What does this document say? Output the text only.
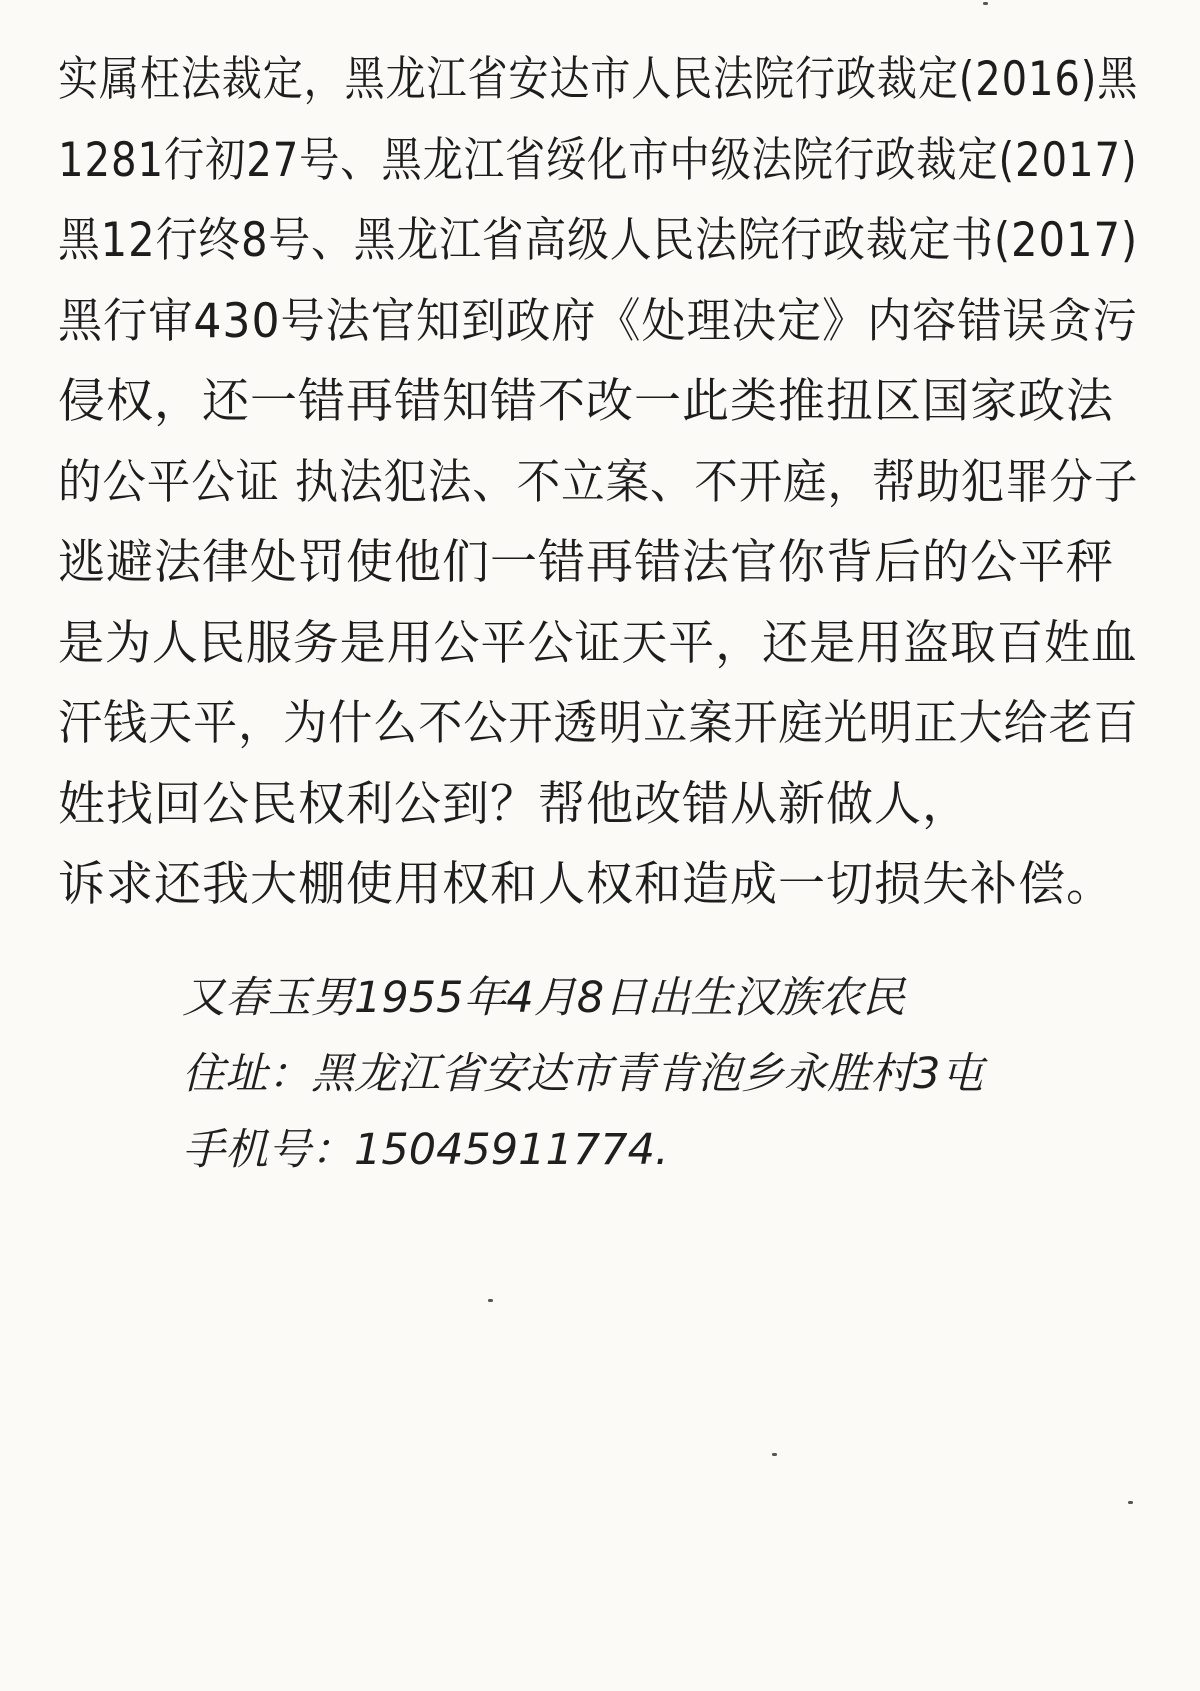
实属枉法裁定，黑龙江省安达市人民法院行政裁定(2016)黑
1281行初27号、黑龙江省绥化市中级法院行政裁定(2017)
黑12行终8号、黑龙江省高级人民法院行政裁定书(2017)
黑行审430号法官知到政府《处理决定》内容错误贪污
侵权，还一错再错知错不改一此类推扭区国家政法
的公平公证 执法犯法、不立案、不开庭，帮助犯罪分子
逃避法律处罚使他们一错再错法官你背后的公平秤
是为人民服务是用公平公证天平，还是用盗取百姓血
汗钱天平，为什么不公开透明立案开庭光明正大给老百
姓找回公民权利公到？帮他改错从新做人，
诉求还我大棚使用权和人权和造成一切损失补偿。
又春玉男1955年4月8日出生汉族农民
住址：黑龙江省安达市青肯泡乡永胜村3屯
手机号：15045911774.
